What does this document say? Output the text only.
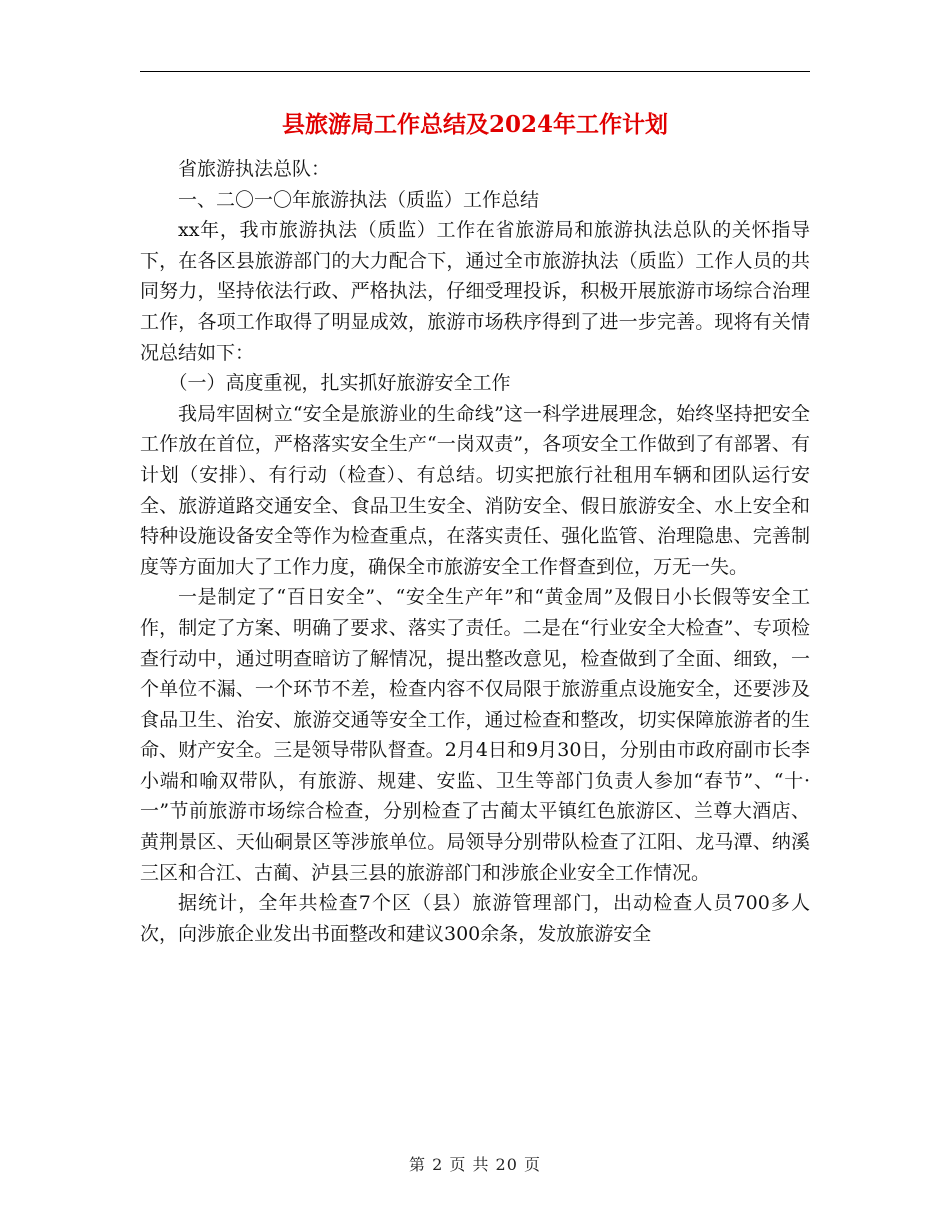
县旅游局工作总结及2024年工作计划

省旅游执法总队：

一、二〇一〇年旅游执法（质监）工作总结

xx年，我市旅游执法（质监）工作在省旅游局和旅游执法总队的关怀指导下，在各区县旅游部门的大力配合下，通过全市旅游执法（质监）工作人员的共同努力，坚持依法行政、严格执法，仔细受理投诉，积极开展旅游市场综合治理工作，各项工作取得了明显成效，旅游市场秩序得到了进一步完善。现将有关情况总结如下：

（一）高度重视，扎实抓好旅游安全工作

我局牢固树立“安全是旅游业的生命线”这一科学进展理念，始终坚持把安全工作放在首位，严格落实安全生产“一岗双责”，各项安全工作做到了有部署、有计划（安排）、有行动（检查）、有总结。切实把旅行社租用车辆和团队运行安全、旅游道路交通安全、食品卫生安全、消防安全、假日旅游安全、水上安全和特种设施设备安全等作为检查重点，在落实责任、强化监管、治理隐患、完善制度等方面加大了工作力度，确保全市旅游安全工作督查到位，万无一失。

一是制定了“百日安全”、“安全生产年”和“黄金周”及假日小长假等安全工作，制定了方案、明确了要求、落实了责任。二是在“行业安全大检查”、专项检查行动中，通过明查暗访了解情况，提出整改意见，检查做到了全面、细致，一个单位不漏、一个环节不差，检查内容不仅局限于旅游重点设施安全，还要涉及食品卫生、治安、旅游交通等安全工作，通过检查和整改，切实保障旅游者的生命、财产安全。三是领导带队督查。2月4日和9月30日，分别由市政府副市长李小端和喻双带队，有旅游、规建、安监、卫生等部门负责人参加“春节”、“十·一”节前旅游市场综合检查，分别检查了古蔺太平镇红色旅游区、兰尊大酒店、黄荆景区、天仙硐景区等涉旅单位。局领导分别带队检查了江阳、龙马潭、纳溪三区和合江、古蔺、泸县三县的旅游部门和涉旅企业安全工作情况。

据统计，全年共检查7个区（县）旅游管理部门，出动检查人员700多人次，向涉旅企业发出书面整改和建议300余条，发放旅游安全

第 2 页 共 20 页
